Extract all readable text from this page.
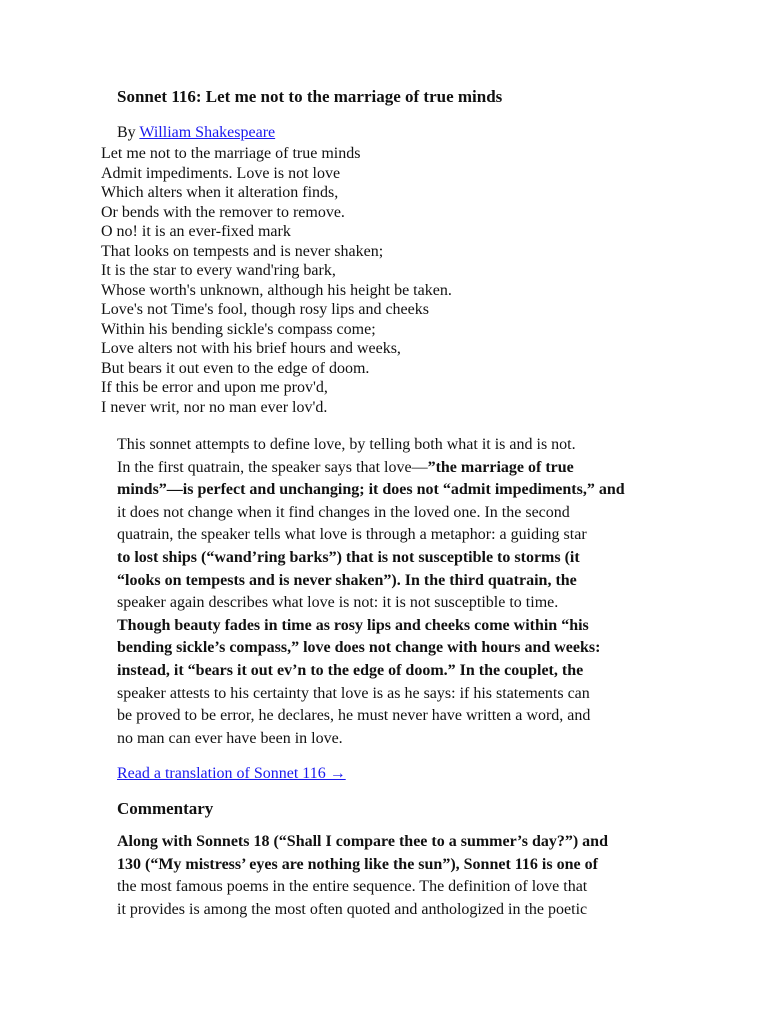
Sonnet 116: Let me not to the marriage of true minds
By William Shakespeare
Let me not to the marriage of true minds
Admit impediments. Love is not love
Which alters when it alteration finds,
Or bends with the remover to remove.
O no! it is an ever-fixed mark
That looks on tempests and is never shaken;
It is the star to every wand'ring bark,
Whose worth's unknown, although his height be taken.
Love's not Time's fool, though rosy lips and cheeks
Within his bending sickle's compass come;
Love alters not with his brief hours and weeks,
But bears it out even to the edge of doom.
If this be error and upon me prov'd,
I never writ, nor no man ever lov'd.
This sonnet attempts to define love, by telling both what it is and is not.
In the first quatrain, the speaker says that love—”the marriage of true
minds”—is perfect and unchanging; it does not “admit impediments,” and
it does not change when it find changes in the loved one. In the second
quatrain, the speaker tells what love is through a metaphor: a guiding star
to lost ships (“wand’ring barks”) that is not susceptible to storms (it
“looks on tempests and is never shaken”). In the third quatrain, the
speaker again describes what love is not: it is not susceptible to time.
Though beauty fades in time as rosy lips and cheeks come within “his
bending sickle’s compass,” love does not change with hours and weeks:
instead, it “bears it out ev’n to the edge of doom.” In the couplet, the
speaker attests to his certainty that love is as he says: if his statements can
be proved to be error, he declares, he must never have written a word, and
no man can ever have been in love.
Read a translation of Sonnet 116 →
Commentary
Along with Sonnets 18 (“Shall I compare thee to a summer’s day?”) and
130 (“My mistress’ eyes are nothing like the sun”), Sonnet 116 is one of
the most famous poems in the entire sequence. The definition of love that
it provides is among the most often quoted and anthologized in the poetic
